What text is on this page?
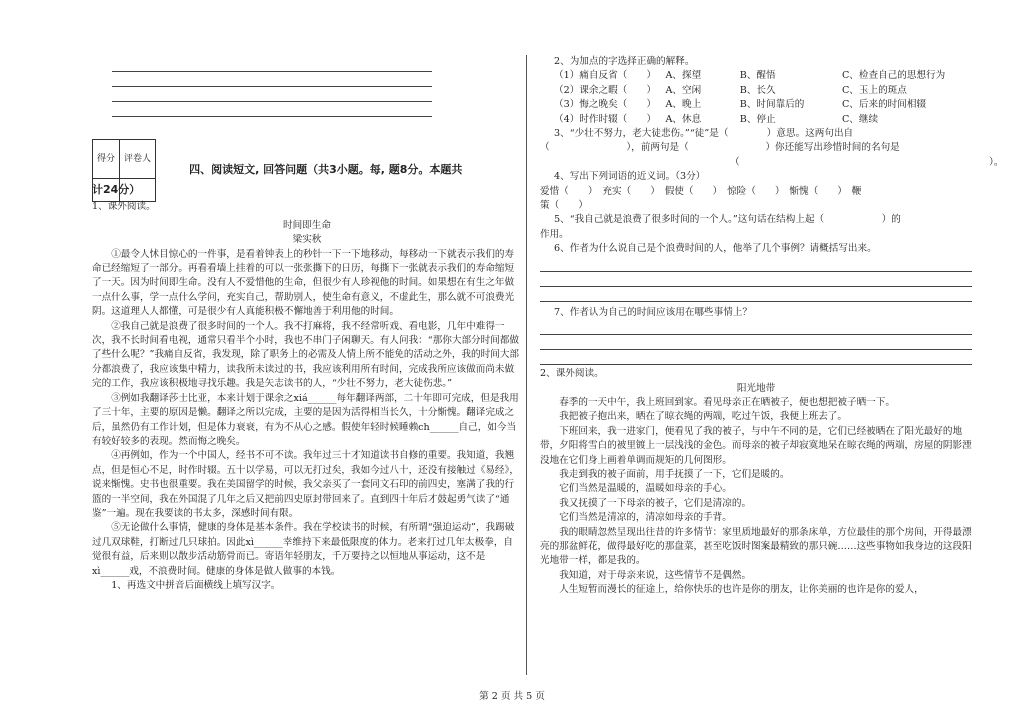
得分	评卷人
	四、阅读短文, 回答问题（共3小题。每, 题8分。本题共
计24分）
1、课外阅读。
时间即生命
梁实秋

①最令人怵目惊心的一件事，是看着钟表上的秒针一下一下地移动，每移动一下就表示我们的寿命已经缩短了一部分。再看看墙上挂着的可以一张张撕下的日历，每撕下一张就表示我们的寿命缩短了一天。因为时间即生命。没有人不爱惜他的生命，但很少有人珍视他的时间。如果想在有生之年做一点什么事，学一点什么学问，充实自己，帮助别人，使生命有意义，不虚此生，那么就不可浪费光阴。这道理人人都懂，可是很少有人真能积极不懈地善于利用他的时间。

②我自己就是浪费了很多时间的一个人。我不打麻将，我不经常听戏、看电影，几年中难得一次，我不长时间看电视，通常只看半个小时，我也不串门子闲聊天。有人问我：“那你大部分时间都做了些什么呢？”我痛自反省，我发现，除了职务上的必需及人情上所不能免的活动之外，我的时间大部分都浪费了，我应该集中精力，读我所未读过的书，我应该利用所有时间，完成我所应该做而尚未做完的工作，我应该积极地寻找乐趣。我是矢志读书的人，“少壮不努力，老大徒伤悲。”

③例如我翻译莎士比亚，本来计划于课余之xiá______每年翻译两部，二十年即可完成，但是我用了三十年，主要的原因是懒。翻译之所以完成，主要的是因为活得相当长久，十分惭愧。翻译完成之后，虽然仍有工作计划，但是体力衰衰，有为不从心之感。假使年轻时候睡赖ch______自己，如今当有较好较多的表现。然而悔之晚矣。

④再例如，作为一个中国人，经书不可不读。我年过三十才知道读书自修的重要。我知道，我翘点，但是恒心不足，时作时辍。五十以学易，可以无打过矣，我如今过八十，还没有接触过《易经》，说来惭愧。史书也很重要。我在美国留学的时候，我父亲买了一套同文石印的前四史，塞满了我的行篮的一半空间，我在外国混了几年之后又把前四史原封带回来了。直到四十年后才鼓起勇气读了“通鉴”一遍。现在我要读的书太多，深感时间有限。

⑤无论做什么事情，健康的身体是基本条件。我在学校读书的时候，有所谓“强迫运动”，我踢破过几双球鞋，打断过几只球拍。因此xì______幸维持下来最低限度的体力。老来打过几年太极拳，自觉很有益，后来则以散步活动筋骨而已。寄语年轻朋友，千万要持之以恒地从事运动，这不是xì______戏，不浪费时间。健康的身体是做人做事的本钱。

1、再选文中拼音后面横线上填写汉字。

2、为加点的字选择正确的解释。
（1）痛自反省（　　） A、探望	B、醒悟	C、检查自己的思想行为
（2）课余之暇（　　） A、空闲	B、长久	C、玉上的斑点
（3）悔之晚矣（　　） A、晚上	B、时间靠后的	C、后来的时间相辍
（4）时作时辍（　　） A、休息	B、停止	C、继续
3、“少壮不努力，老大徒悲伤。”“徒”是（　　　　）意思。这两句出自
（　　　　　　　　），前两句是（　　　　　　　　）你还能写出珍惜时间的名句是
（　　　　　　　　　　　　　　　　　　　　　　　　　　）。
4、写出下列词语的近义词。（3分）
爱惜（　　）　充实（　　）　假使（　　）　惊险（　　）　惭愧（　　）　鞭
策（　　）
5、“我自己就是浪费了很多时间的一个人。”这句话在结构上起（　　　　　　）的
作用。
6、作者为什么说自己是个浪费时间的人，他举了几个事例？请概括写出来。
7、作者认为自己的时间应该用在哪些事情上？
2、课外阅读。
阳光地带

春季的一天中午，我上班回到家。看见母亲正在晒被子，便也想把被子晒一下。

我把被子抱出来，晒在了晾衣绳的两端，吃过午饭，我便上班去了。

下班回来，我一进家门，便看见了我的被子，与中午不同的是，它们已经被晒在了阳光最好的地带，夕阳将雪白的被里镀上一层浅浅的金色。而母亲的被子却寂寞地呆在晾衣绳的两端，房屋的阴影湮没地在它们身上画着单调而规矩的几何图形。

我走到我的被子面前，用手抚摸了一下，它们是暖的。

它们当然是温暖的，温暖如母亲的手心。

我又抚摸了一下母亲的被子，它们是清凉的。

它们当然是清凉的，清凉如母亲的手背。

我的眼睛忽然呈现出往昔的许多情节：家里质地最好的那条床单，方位最佳的那个房间，开得最漂亮的那盆鲜花，做得最好吃的那盘菜，甚至吃饭时图案最精致的那只碗……这些事物如我身边的这段阳光地带一样，都是我的。

我知道，对于母亲来说，这些情节不是偶然。

人生短暂而漫长的征途上，给你快乐的也许是你的朋友，让你美丽的也许是你的爱人，

第 2 页 共 5 页
